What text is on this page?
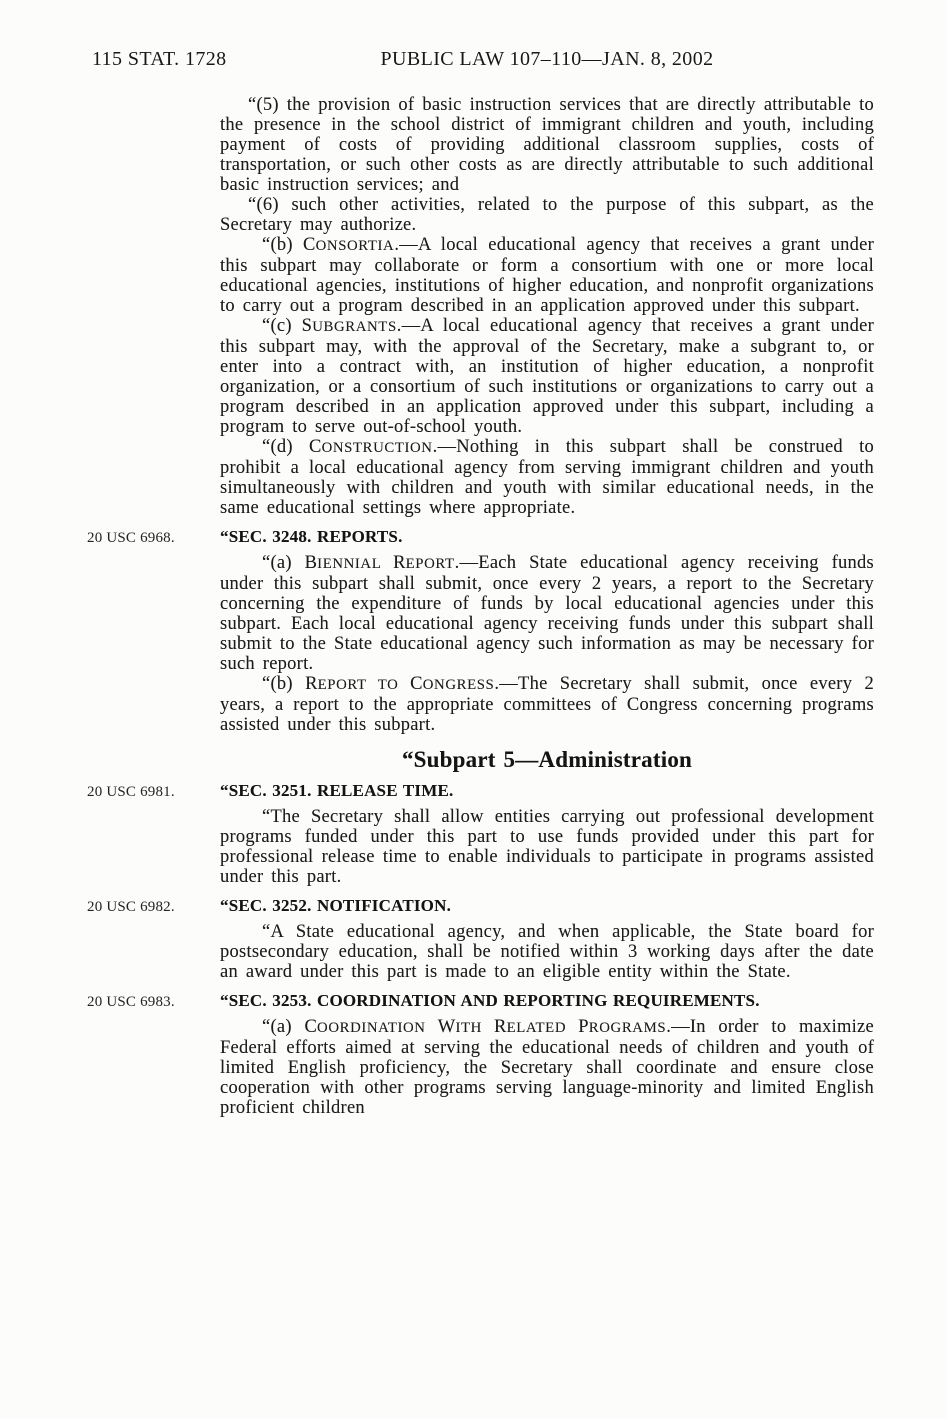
115 STAT. 1728	PUBLIC LAW 107–110—JAN. 8, 2002

“(5) the provision of basic instruction services that are directly attributable to the presence in the school district of immigrant children and youth, including payment of costs of providing additional classroom supplies, costs of transportation, or such other costs as are directly attributable to such additional basic instruction services; and

“(6) such other activities, related to the purpose of this subpart, as the Secretary may authorize.

“(b) CONSORTIA.—A local educational agency that receives a grant under this subpart may collaborate or form a consortium with one or more local educational agencies, institutions of higher education, and nonprofit organizations to carry out a program described in an application approved under this subpart.

“(c) SUBGRANTS.—A local educational agency that receives a grant under this subpart may, with the approval of the Secretary, make a subgrant to, or enter into a contract with, an institution of higher education, a nonprofit organization, or a consortium of such institutions or organizations to carry out a program described in an application approved under this subpart, including a program to serve out-of-school youth.

“(d) CONSTRUCTION.—Nothing in this subpart shall be construed to prohibit a local educational agency from serving immigrant children and youth simultaneously with children and youth with similar educational needs, in the same educational settings where appropriate.

20 USC 6968.	“SEC. 3248. REPORTS.

“(a) BIENNIAL REPORT.—Each State educational agency receiving funds under this subpart shall submit, once every 2 years, a report to the Secretary concerning the expenditure of funds by local educational agencies under this subpart. Each local educational agency receiving funds under this subpart shall submit to the State educational agency such information as may be necessary for such report.

“(b) REPORT TO CONGRESS.—The Secretary shall submit, once every 2 years, a report to the appropriate committees of Congress concerning programs assisted under this subpart.

“Subpart 5—Administration
20 USC 6981.	“SEC. 3251. RELEASE TIME.

“The Secretary shall allow entities carrying out professional development programs funded under this part to use funds provided under this part for professional release time to enable individuals to participate in programs assisted under this part.

20 USC 6982.	“SEC. 3252. NOTIFICATION.

“A State educational agency, and when applicable, the State board for postsecondary education, shall be notified within 3 working days after the date an award under this part is made to an eligible entity within the State.

20 USC 6983.	“SEC. 3253. COORDINATION AND REPORTING REQUIREMENTS.

“(a) COORDINATION WITH RELATED PROGRAMS.—In order to maximize Federal efforts aimed at serving the educational needs of children and youth of limited English proficiency, the Secretary shall coordinate and ensure close cooperation with other programs serving language-minority and limited English proficient children
